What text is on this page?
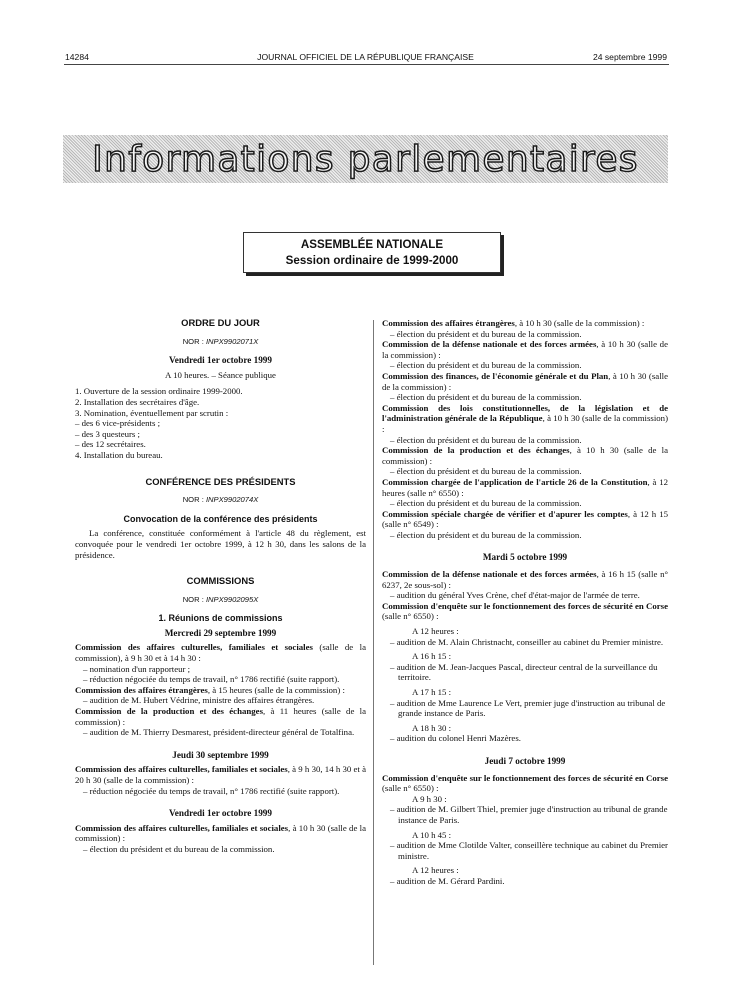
14284	JOURNAL OFFICIEL DE LA RÉPUBLIQUE FRANÇAISE	24 septembre 1999
Informations parlementaires
ASSEMBLÉE NATIONALE
Session ordinaire de 1999-2000
ORDRE DU JOUR
NOR : INPX9902071X
Vendredi 1er octobre 1999
A 10 heures. – Séance publique
1. Ouverture de la session ordinaire 1999-2000.
2. Installation des secrétaires d'âge.
3. Nomination, éventuellement par scrutin :
– des 6 vice-présidents ;
– des 3 questeurs ;
– des 12 secrétaires.
4. Installation du bureau.
CONFÉRENCE DES PRÉSIDENTS
NOR : INPX9902074X
Convocation de la conférence des présidents
La conférence, constituée conformément à l'article 48 du règlement, est convoquée pour le vendredi 1er octobre 1999, à 12 h 30, dans les salons de la présidence.
COMMISSIONS
NOR : INPX9902095X
1. Réunions de commissions
Mercredi 29 septembre 1999
Commission des affaires culturelles, familiales et sociales (salle de la commission), à 9 h 30 et à 14 h 30 :
– nomination d'un rapporteur ;
– réduction négociée du temps de travail, n° 1786 rectifié (suite rapport).
Commission des affaires étrangères, à 15 heures (salle de la commission) :
– audition de M. Hubert Védrine, ministre des affaires étrangères.
Commission de la production et des échanges, à 11 heures (salle de la commission) :
– audition de M. Thierry Desmarest, président-directeur général de Totalfina.
Jeudi 30 septembre 1999
Commission des affaires culturelles, familiales et sociales, à 9 h 30, 14 h 30 et à 20 h 30 (salle de la commission) :
– réduction négociée du temps de travail, n° 1786 rectifié (suite rapport).
Vendredi 1er octobre 1999
Commission des affaires culturelles, familiales et sociales, à 10 h 30 (salle de la commission) :
– élection du président et du bureau de la commission.
Commission des affaires étrangères, à 10 h 30 (salle de la commission) :
– élection du président et du bureau de la commission.
Commission de la défense nationale et des forces armées, à 10 h 30 (salle de la commission) :
– élection du président et du bureau de la commission.
Commission des finances, de l'économie générale et du Plan, à 10 h 30 (salle de la commission) :
– élection du président et du bureau de la commission.
Commission des lois constitutionnelles, de la législation et de l'administration générale de la République, à 10 h 30 (salle de la commission) :
– élection du président et du bureau de la commission.
Commission de la production et des échanges, à 10 h 30 (salle de la commission) :
– élection du président et du bureau de la commission.
Commission chargée de l'application de l'article 26 de la Constitution, à 12 heures (salle n° 6550) :
– élection du président et du bureau de la commission.
Commission spéciale chargée de vérifier et d'apurer les comptes, à 12 h 15 (salle n° 6549) :
– élection du président et du bureau de la commission.
Mardi 5 octobre 1999
Commission de la défense nationale et des forces armées, à 16 h 15 (salle n° 6237, 2e sous-sol) :
– audition du général Yves Crène, chef d'état-major de l'armée de terre.
Commission d'enquête sur le fonctionnement des forces de sécurité en Corse (salle n° 6550) :
A 12 heures :
– audition de M. Alain Christnacht, conseiller au cabinet du Premier ministre.
A 16 h 15 :
– audition de M. Jean-Jacques Pascal, directeur central de la surveillance du territoire.
A 17 h 15 :
– audition de Mme Laurence Le Vert, premier juge d'instruction au tribunal de grande instance de Paris.
A 18 h 30 :
– audition du colonel Henri Mazères.
Jeudi 7 octobre 1999
Commission d'enquête sur le fonctionnement des forces de sécurité en Corse (salle n° 6550) :
A 9 h 30 :
– audition de M. Gilbert Thiel, premier juge d'instruction au tribunal de grande instance de Paris.
A 10 h 45 :
– audition de Mme Clotilde Valter, conseillère technique au cabinet du Premier ministre.
A 12 heures :
– audition de M. Gérard Pardini.
